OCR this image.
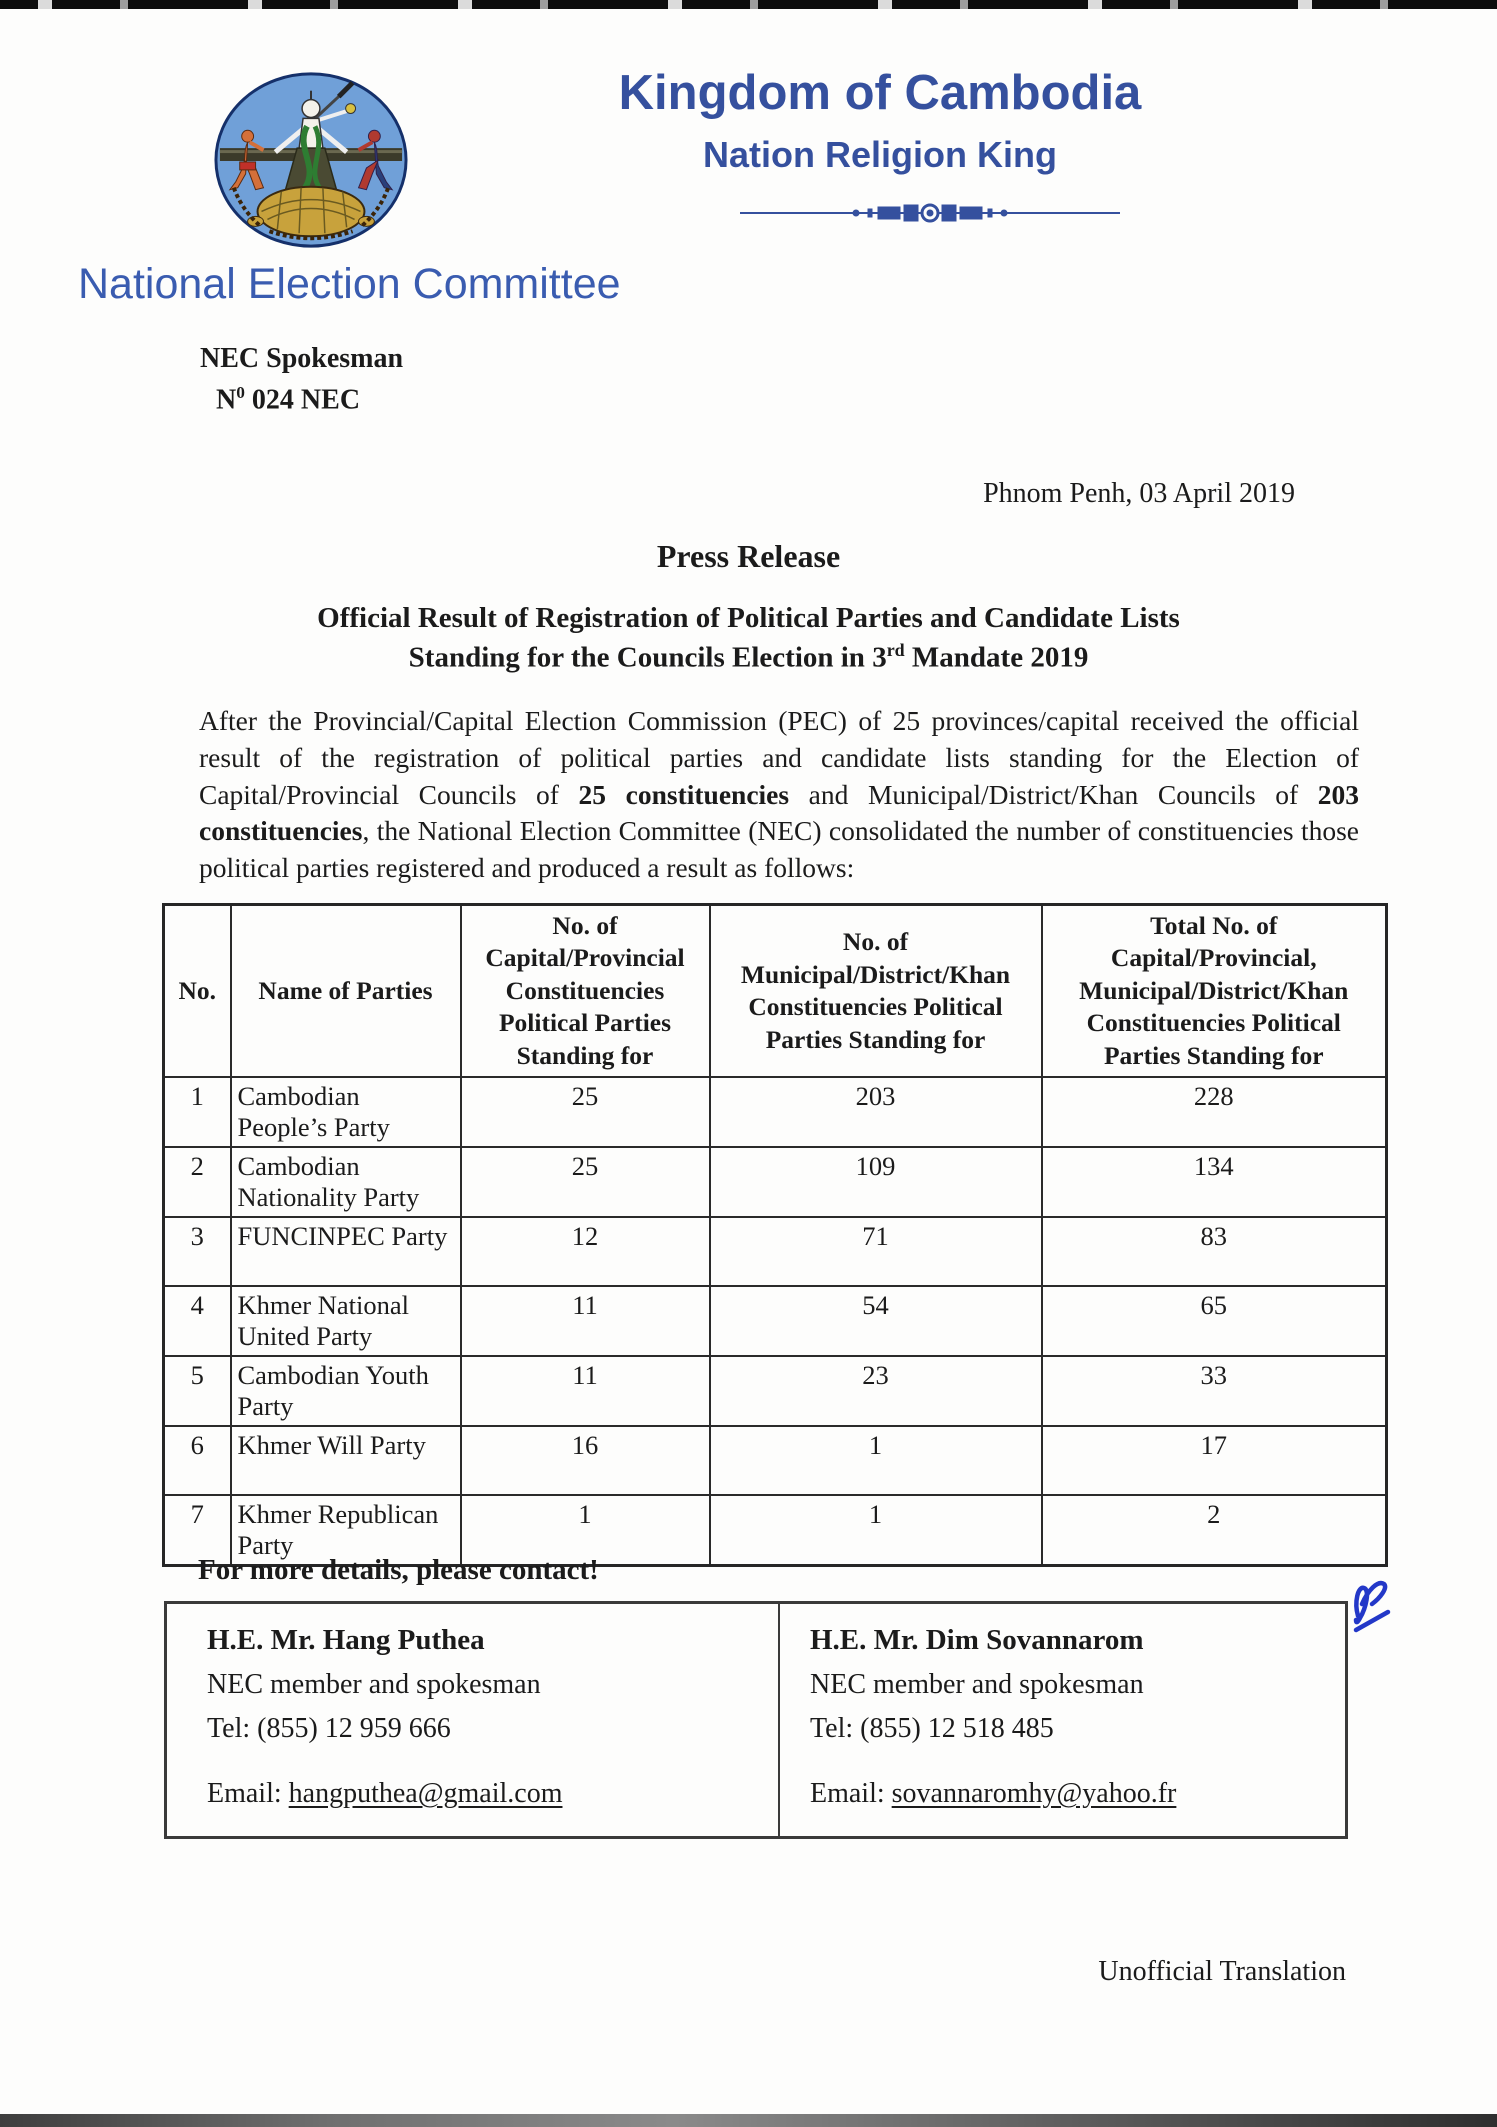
Kingdom of Cambodia
Nation Religion King
National Election Committee
NEC Spokesman
$N^0$ 024 NEC
Phnom Penh, 03 April 2019
Press Release
Official Result of Registration of Political Parties and Candidate Lists
Standing for the Councils Election in 3rd Mandate 2019
After the Provincial/Capital Election Commission (PEC) of 25 provinces/capital received the official result of the registration of political parties and candidate lists standing for the Election of Capital/Provincial Councils of 25 constituencies and Municipal/District/Khan Councils of 203 constituencies, the National Election Committee (NEC) consolidated the number of constituencies those political parties registered and produced a result as follows:
No.	Name of Parties	No. of Capital/Provincial Constituencies Political Parties Standing for	No. of Municipal/District/Khan Constituencies Political Parties Standing for	Total No. of Capital/Provincial, Municipal/District/Khan Constituencies Political Parties Standing for
1	Cambodian People’s Party	25	203	228
2	Cambodian Nationality Party	25	109	134
3	FUNCINPEC Party	12	71	83
4	Khmer National United Party	11	54	65
5	Cambodian Youth Party	11	23	33
6	Khmer Will Party	16	1	17
7	Khmer Republican Party	1	1	2
For more details, please contact!
H.E. Mr. Hang Puthea
NEC member and spokesman
Tel: (855) 12 959 666
Email: hangputhea@gmail.com
H.E. Mr. Dim Sovannarom
NEC member and spokesman
Tel: (855) 12 518 485
Email: sovannaromhy@yahoo.fr
Unofficial Translation
